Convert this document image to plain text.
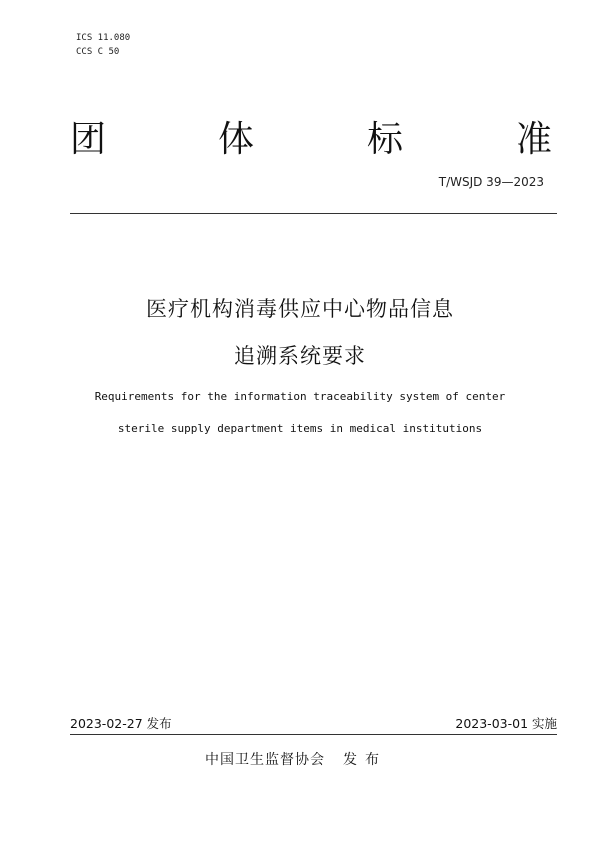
ICS 11.080
CCS C 50
团	体	标	准
T/WSJD 39—2023
医疗机构消毒供应中心物品信息
追溯系统要求
Requirements for the information traceability system of center
sterile supply department items in medical institutions
2023-02-27 发布	2023-03-01 实施
中国卫生监督协会 发布
